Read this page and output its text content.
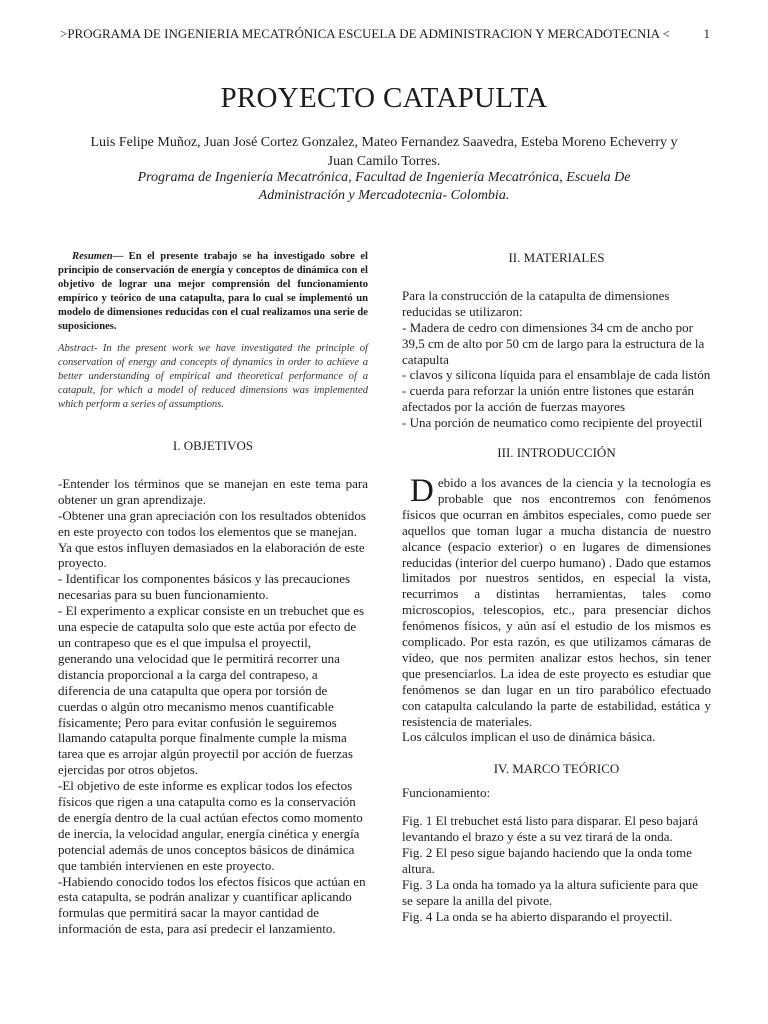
>PROGRAMA DE INGENIERIA MECATRÓNICA ESCUELA DE ADMINISTRACION Y MERCADOTECNIA <	1
PROYECTO CATAPULTA
Luis Felipe Muñoz, Juan José Cortez Gonzalez, Mateo Fernandez Saavedra, Esteba Moreno Echeverry y Juan Camilo Torres.
Programa de Ingeniería Mecatrónica, Facultad de Ingeniería Mecatrónica, Escuela De Administración y Mercadotecnia- Colombia.

Resumen— En el presente trabajo se ha investigado sobre el principio de conservación de energía y conceptos de dinámica con el objetivo de lograr una mejor comprensión del funcionamiento empírico y teórico de una catapulta, para lo cual se implementó un modelo de dimensiones reducidas con el cual realizamos una serie de suposiciones.

Abstract- In the present work we have investigated the principle of conservation of energy and concepts of dynamics in order to achieve a better understanding of empirical and theoretical performance of a catapult, for which a model of reduced dimensions was implemented which perform a series of assumptions.

I. OBJETIVOS

-Entender los términos que se manejan en este tema para obtener un gran aprendizaje.

-Obtener una gran apreciación con los resultados obtenidos en este proyecto con todos los elementos que se manejan. Ya que estos influyen demasiados en la elaboración de este proyecto.

- Identificar los componentes básicos y las precauciones necesarias para su buen funcionamiento.

- El experimento a explicar consiste en un trebuchet que es una especie de catapulta solo que este actúa por efecto de un contrapeso que es el que impulsa el proyectil, generando una velocidad que le permitirá recorrer una distancia proporcional a la carga del contrapeso, a diferencia de una catapulta que opera por torsión de cuerdas o algún otro mecanismo menos cuantificable físicamente; Pero para evitar confusión le seguiremos llamando catapulta porque finalmente cumple la misma tarea que es arrojar algún proyectil por acción de fuerzas ejercidas por otros objetos.

-El objetivo de este informe es explicar todos los efectos físicos que rigen a una catapulta como es la conservación de energía dentro de la cual actúan efectos como momento de inercia, la velocidad angular, energía cinética y energía potencial además de unos conceptos básicos de dinámica que también intervienen en este proyecto.

-Habiendo conocido todos los efectos físicos que actúan en esta catapulta, se podrán analizar y cuantificar aplicando formulas que permitirá sacar la mayor cantidad de información de esta, para así predecir el lanzamiento.

II. MATERIALES

Para la construcción de la catapulta de dimensiones reducidas se utilizaron:

- Madera de cedro con dimensiones 34 cm de ancho por 39,5 cm de alto por 50 cm de largo para la estructura de la catapulta

- clavos y silicona líquida para el ensamblaje de cada listón

- cuerda para reforzar la unión entre listones que estarán afectados por la acción de fuerzas mayores

- Una porción de neumatico como recipiente del proyectil

III. INTRODUCCIÓN

Debido a los avances de la ciencia y la tecnología es probable que nos encontremos con fenómenos físicos que ocurran en ámbitos especiales, como puede ser aquellos que toman lugar a mucha distancia de nuestro alcance (espacio exterior) o en lugares de dimensiones reducidas (interior del cuerpo humano) . Dado que estamos limitados por nuestros sentidos, en especial la vista, recurrimos a distintas herramientas, tales como microscopios, telescopios, etc., para presenciar dichos fenómenos físicos, y aún así el estudio de los mismos es complicado. Por esta razón, es que utilizamos cámaras de vídeo, que nos permiten analizar estos hechos, sin tener que presenciarlos. La idea de este proyecto es estudiar que fenómenos se dan lugar en un tiro parabólico efectuado con catapulta calculando la parte de estabilidad, estática y resistencia de materiales.

Los cálculos implican el uso de dinámica básica.

IV. MARCO TEÓRICO

Funcionamiento:

Fig. 1 El trebuchet está listo para disparar. El peso bajará levantando el brazo y éste a su vez tirará de la onda.

Fig. 2 El peso sigue bajando haciendo que la onda tome altura.

Fig. 3 La onda ha tomado ya la altura suficiente para que se separe la anilla del pivote.

Fig. 4 La onda se ha abierto disparando el proyectil.
